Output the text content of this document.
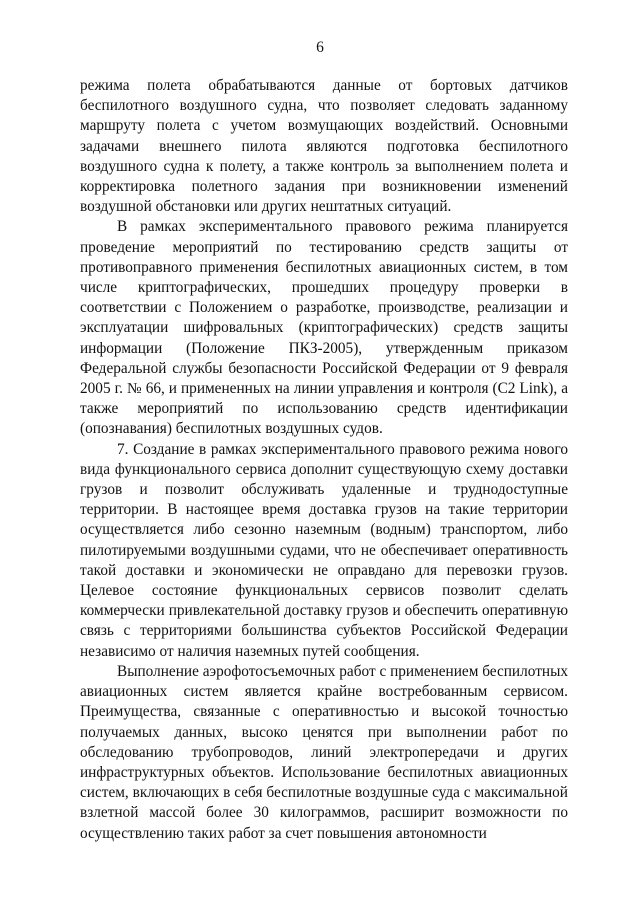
6

режима полета обрабатываются данные от бортовых датчиков беспилотного воздушного судна, что позволяет следовать заданному маршруту полета с учетом возмущающих воздействий. Основными задачами внешнего пилота являются подготовка беспилотного воздушного судна к полету, а также контроль за выполнением полета и корректировка полетного задания при возникновении изменений воздушной обстановки или других нештатных ситуаций.

В рамках экспериментального правового режима планируется проведение мероприятий по тестированию средств защиты от противоправного применения беспилотных авиационных систем, в том числе криптографических, прошедших процедуру проверки в соответствии с Положением о разработке, производстве, реализации и эксплуатации шифровальных (криптографических) средств защиты информации (Положение ПКЗ-2005), утвержденным приказом Федеральной службы безопасности Российской Федерации от 9 февраля 2005 г. № 66, и примененных на линии управления и контроля (C2 Link), а также мероприятий по использованию средств идентификации (опознавания) беспилотных воздушных судов.

7. Создание в рамках экспериментального правового режима нового вида функционального сервиса дополнит существующую схему доставки грузов и позволит обслуживать удаленные и труднодоступные территории. В настоящее время доставка грузов на такие территории осуществляется либо сезонно наземным (водным) транспортом, либо пилотируемыми воздушными судами, что не обеспечивает оперативность такой доставки и экономически не оправдано для перевозки грузов. Целевое состояние функциональных сервисов позволит сделать коммерчески привлекательной доставку грузов и обеспечить оперативную связь с территориями большинства субъектов Российской Федерации независимо от наличия наземных путей сообщения.

Выполнение аэрофотосъемочных работ с применением беспилотных авиационных систем является крайне востребованным сервисом. Преимущества, связанные с оперативностью и высокой точностью получаемых данных, высоко ценятся при выполнении работ по обследованию трубопроводов, линий электропередачи и других инфраструктурных объектов. Использование беспилотных авиационных систем, включающих в себя беспилотные воздушные суда с максимальной взлетной массой более 30 килограммов, расширит возможности по осуществлению таких работ за счет повышения автономности
